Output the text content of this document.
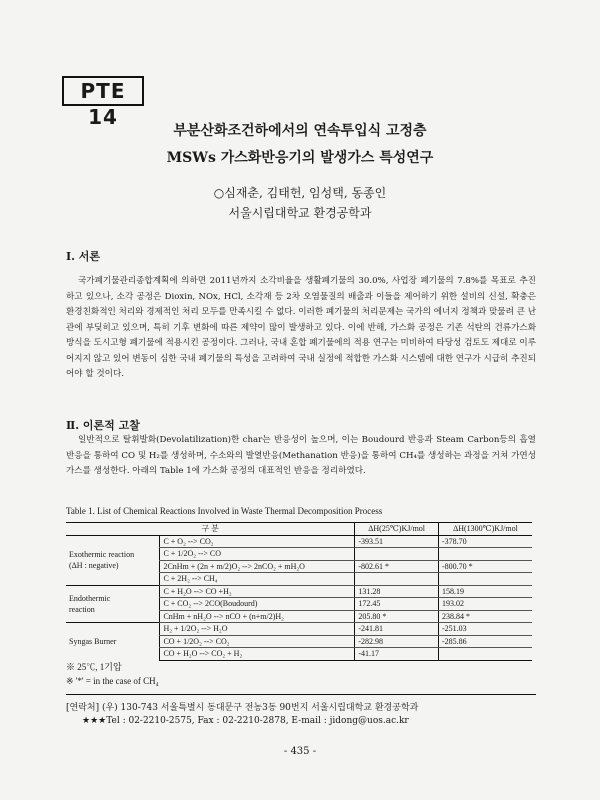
PTE 14
부분산화조건하에서의 연속투입식 고정층
MSWs 가스화반응기의 발생가스 특성연구
○심재춘, 김태헌, 임성택, 동종인
서울시립대학교 환경공학과
Ⅰ. 서론
국가폐기물관리종합계획에 의하면 2011년까지 소각비율을 생활폐기물의 30.0%, 사업장 폐기물의 7.8%를 목표로 추진하고 있으나, 소각 공정은 Dioxin, NOx, HCl, 소각재 등 2차 오염물질의 배출과 이들을 제어하기 위한 설비의 신설, 확충은 환경친화적인 처리와 경제적인 처리 모두를 만족시킬 수 없다. 이러한 폐기물의 처리문제는 국가의 에너지 정책과 맞물려 큰 난관에 부딪히고 있으며, 특히 기후 변화에 따른 제약이 많이 발생하고 있다. 이에 반해, 가스화 공정은 기존 석탄의 건류가스화 방식을 도시고형 폐기물에 적용시킨 공정이다. 그러나, 국내 혼합 폐기물에의 적용 연구는 미비하여 타당성 검토도 제대로 이루어지지 않고 있어 변동이 심한 국내 폐기물의 특성을 고려하여 국내 실정에 적합한 가스화 시스템에 대한 연구가 시급히 추진되어야 할 것이다.
Ⅱ. 이론적 고찰
일반적으로 탈휘발화(Devolatilization)한 char는 반응성이 높으며, 이는 Boudourd 반응과 Steam Carbon등의 흡열반응을 통하여 CO 및 H₂를 생성하며, 수소와의 발열반응(Methanation 반응)을 통하여 CH₄를 생성하는 과정을 거쳐 가연성 가스를 생성한다. 아래의 Table 1에 가스화 공정의 대표적인 반응을 정리하였다.
Table 1. List of Chemical Reactions Involved in Waste Thermal Decomposition Process
구 분		ΔH(25℃)KJ/mol	ΔH(1300℃)KJ/mol
Exothermic reaction
(ΔH : negative)	C + O₂ --> CO₂	-393.51	-378.70
	C + 1/2O₂ --> CO		
	2CnHm + (2n + m/2)O₂ --> 2nCO₂ + mH₂O	-802.61 *	-800.70 *
	C + 2H₂ --> CH₄		
Endothermic
reaction	C + H₂O --> CO +H₂	131.28	158.19
	C + CO₂ --> 2CO(Boudourd)	172.45	193.02
	CnHm + nH₂O --> nCO + (n+m/2)H₂	205.80 *	238.84 *
Syngas Burner	H₂ + 1/2O₂ --> H₂O	-241.81	-251.03
	CO + 1/2O₂ --> CO₂	-282.98	-285.86
	CO + H₂O --> CO₂ + H₂	-41.17	
※ 25℃, 1기압
※ '*' = in the case of CH₄
[연락처] (우) 130-743 서울특별시 동대문구 전농3동 90번지 서울시립대학교 환경공학과
★★★Tel : 02-2210-2575, Fax : 02-2210-2878, E-mail : jidong@uos.ac.kr
- 435 -
